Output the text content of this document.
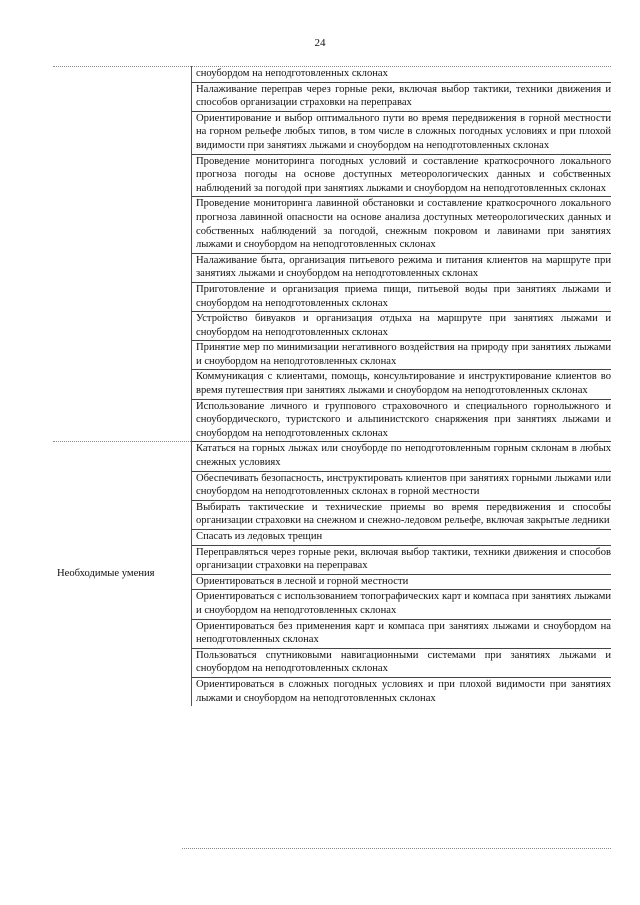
24
	сноубордом на неподготовленных склонах
	Налаживание переправ через горные реки, включая выбор тактики, техники движения и способов организации страховки на переправах
	Ориентирование и выбор оптимального пути во время передвижения в горной местности на горном рельефе любых типов, в том числе в сложных погодных условиях и при плохой видимости при занятиях лыжами и сноубордом на неподготовленных склонах
	Проведение мониторинга погодных условий и составление краткосрочного локального прогноза погоды на основе доступных метеорологических данных и собственных наблюдений за погодой при занятиях лыжами и сноубордом на неподготовленных склонах
	Проведение мониторинга лавинной обстановки и составление краткосрочного локального прогноза лавинной опасности на основе анализа доступных метеорологических данных и собственных наблюдений за погодой, снежным покровом и лавинами при занятиях лыжами и сноубордом на неподготовленных склонах
	Налаживание быта, организация питьевого режима и питания клиентов на маршруте при занятиях лыжами и сноубордом на неподготовленных склонах
	Приготовление и организация приема пищи, питьевой воды при занятиях лыжами и сноубордом на неподготовленных склонах
	Устройство бивуаков и организация отдыха на маршруте при занятиях лыжами и сноубордом на неподготовленных склонах
	Принятие мер по минимизации негативного воздействия на природу при занятиях лыжами и сноубордом на неподготовленных склонах
	Коммуникация с клиентами, помощь, консультирование и инструктирование клиентов во время путешествия при занятиях лыжами и сноубордом на неподготовленных склонах
	Использование личного и группового страховочного и специального горнолыжного и сноубордического, туристского и альпинистского снаряжения при занятиях лыжами и сноубордом на неподготовленных склонах
Необходимые умения	Кататься на горных лыжах или сноуборде по неподготовленным горным склонам в любых снежных условиях
	Обеспечивать безопасность, инструктировать клиентов при занятиях горными лыжами или сноубордом на неподготовленных склонах в горной местности
	Выбирать тактические и технические приемы во время передвижения и способы организации страховки на снежном и снежно-ледовом рельефе, включая закрытые ледники
	Спасать из ледовых трещин
	Переправляться через горные реки, включая выбор тактики, техники движения и способов организации страховки на переправах
	Ориентироваться в лесной и горной местности
	Ориентироваться с использованием топографических карт и компаса при занятиях лыжами и сноубордом на неподготовленных склонах
	Ориентироваться без применения карт и компаса при занятиях лыжами и сноубордом на неподготовленных склонах
	Пользоваться спутниковыми навигационными системами при занятиях лыжами и сноубордом на неподготовленных склонах
	Ориентироваться в сложных погодных условиях и при плохой видимости при занятиях лыжами и сноубордом на неподготовленных склонах
